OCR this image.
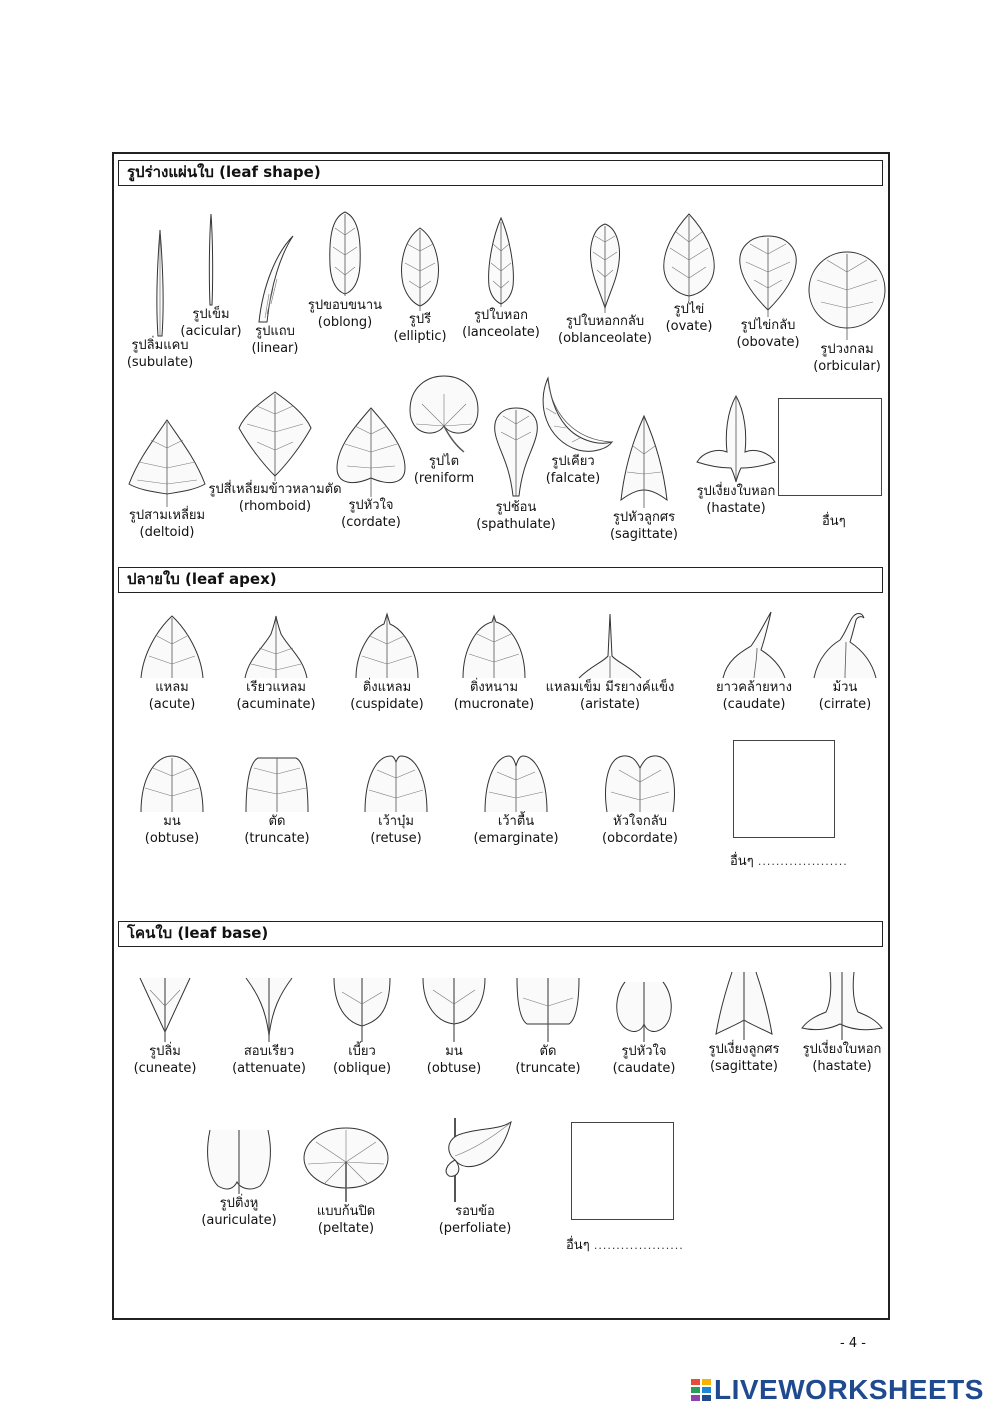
รูปร่างแผ่นใบ (leaf shape)
รูปลิ่มแคบ
(subulate)
รูปเข็ม
(acicular)	รูปแถบ
(linear)
รูปขอบขนาน
(oblong)	รูปรี
(elliptic)
รูปใบหอก
(lanceolate)
รูปใบหอกกลับ
(oblanceolate)
รูปไข่
(ovate)	รูปไข่กลับ
(obovate)	รูปวงกลม
(orbicular)
รูปสามเหลี่ยม
(deltoid)
รูปสี่เหลี่ยมข้าวหลามตัด
(rhomboid)	รูปหัวใจ
(cordate)
รูปไต
(reniform
รูปช้อน
(spathulate)
รูปเคียว
(falcate)
รูปหัวลูกศร
(sagittate)
รูปเงี่ยงใบหอก
(hastate)
อื่นๆ
ปลายใบ (leaf apex)
แหลม
(acute)
เรียวแหลม
(acuminate)
ติ่งแหลม
(cuspidate)
ติ่งหนาม
(mucronate)
แหลมเข็ม มีรยางค์แข็ง
(aristate)
ยาวคล้ายหาง
(caudate)
ม้วน
(cirrate)
มน
(obtuse)
ตัด
(truncate)
เว้าบุ๋ม
(retuse)
เว้าตื้น
(emarginate)
หัวใจกลับ
(obcordate)
อื่นๆ ....................
โคนใบ (leaf base)
รูปลิ่ม
(cuneate)
สอบเรียว
(attenuate)
เบี้ยว
(oblique)
มน
(obtuse)
ตัด
(truncate)
รูปหัวใจ
(caudate)
รูปเงี่ยงลูกศร
(sagittate)
รูปเงี่ยงใบหอก
(hastate)
รูปติ่งหู
(auriculate)
แบบก้นปิด
(peltate)
รอบข้อ
(perfoliate)
อื่นๆ ....................
- 4 -
LIVEWORKSHEETS
